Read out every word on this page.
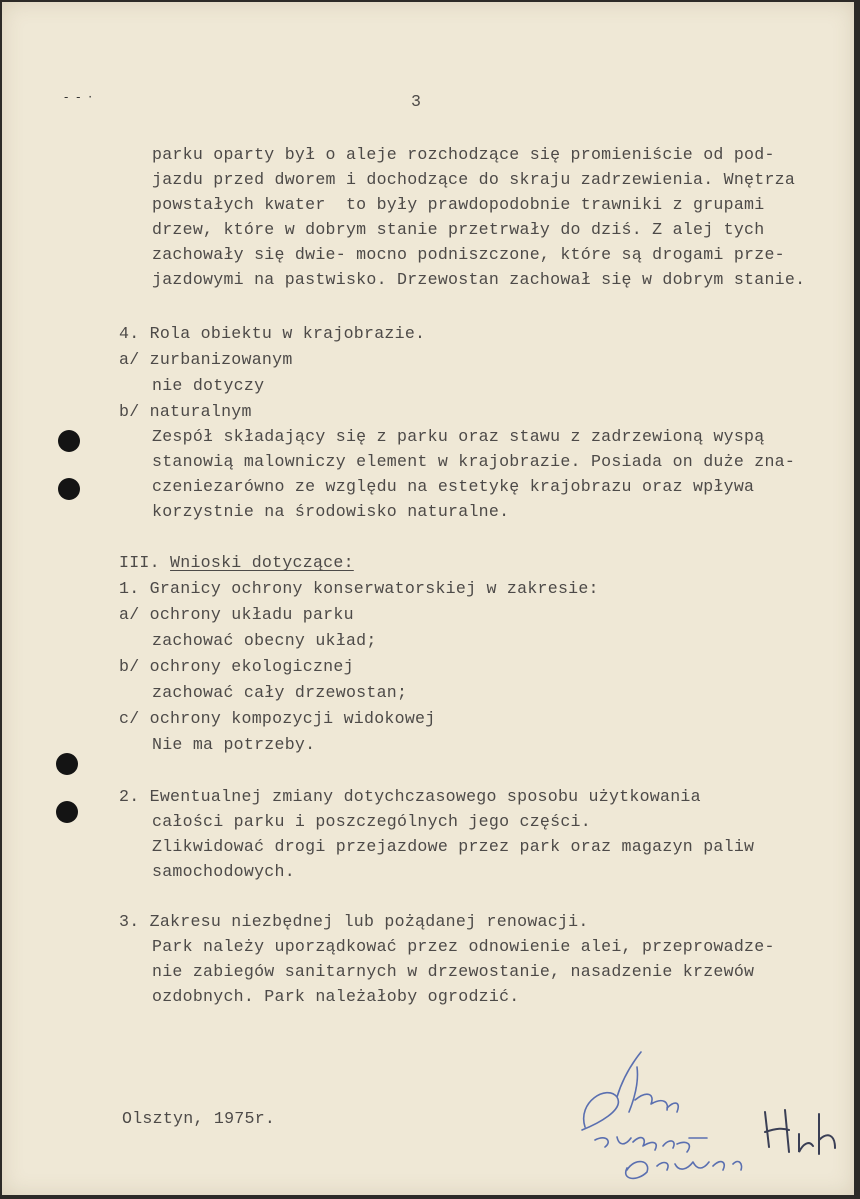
- - ·	3

parku oparty był o aleje rozchodzące się promieniście od pod-

jazdu przed dworem i dochodzące do skraju zadrzewienia. Wnętrza

powstałych kwater  to były prawdopodobnie trawniki z grupami

drzew, które w dobrym stanie przetrwały do dziś. Z alej tych

zachowały się dwie- mocno podniszczone, które są drogami prze-

jazdowymi na pastwisko. Drzewostan zachował się w dobrym stanie.

4. Rola obiektu w krajobrazie.

a/ zurbanizowanym

nie dotyczy

b/ naturalnym

Zespół składający się z parku oraz stawu z zadrzewioną wyspą

stanowią malowniczy element w krajobrazie. Posiada on duże zna-

czeniezarówno ze względu na estetykę krajobrazu oraz wpływa

korzystnie na środowisko naturalne.

III. Wnioski dotyczące:

1. Granicy ochrony konserwatorskiej w zakresie:

a/ ochrony układu parku

zachować obecny układ;

b/ ochrony ekologicznej

zachować cały drzewostan;

c/ ochrony kompozycji widokowej

Nie ma potrzeby.

2. Ewentualnej zmiany dotychczasowego sposobu użytkowania

całości parku i poszczególnych jego części.

Zlikwidować drogi przejazdowe przez park oraz magazyn paliw

samochodowych.

3. Zakresu niezbędnej lub pożądanej renowacji.

Park należy uporządkować przez odnowienie alei, przeprowadze-

nie zabiegów sanitarnych w drzewostanie, nasadzenie krzewów

ozdobnych. Park należałoby ogrodzić.

Olsztyn, 1975r.
